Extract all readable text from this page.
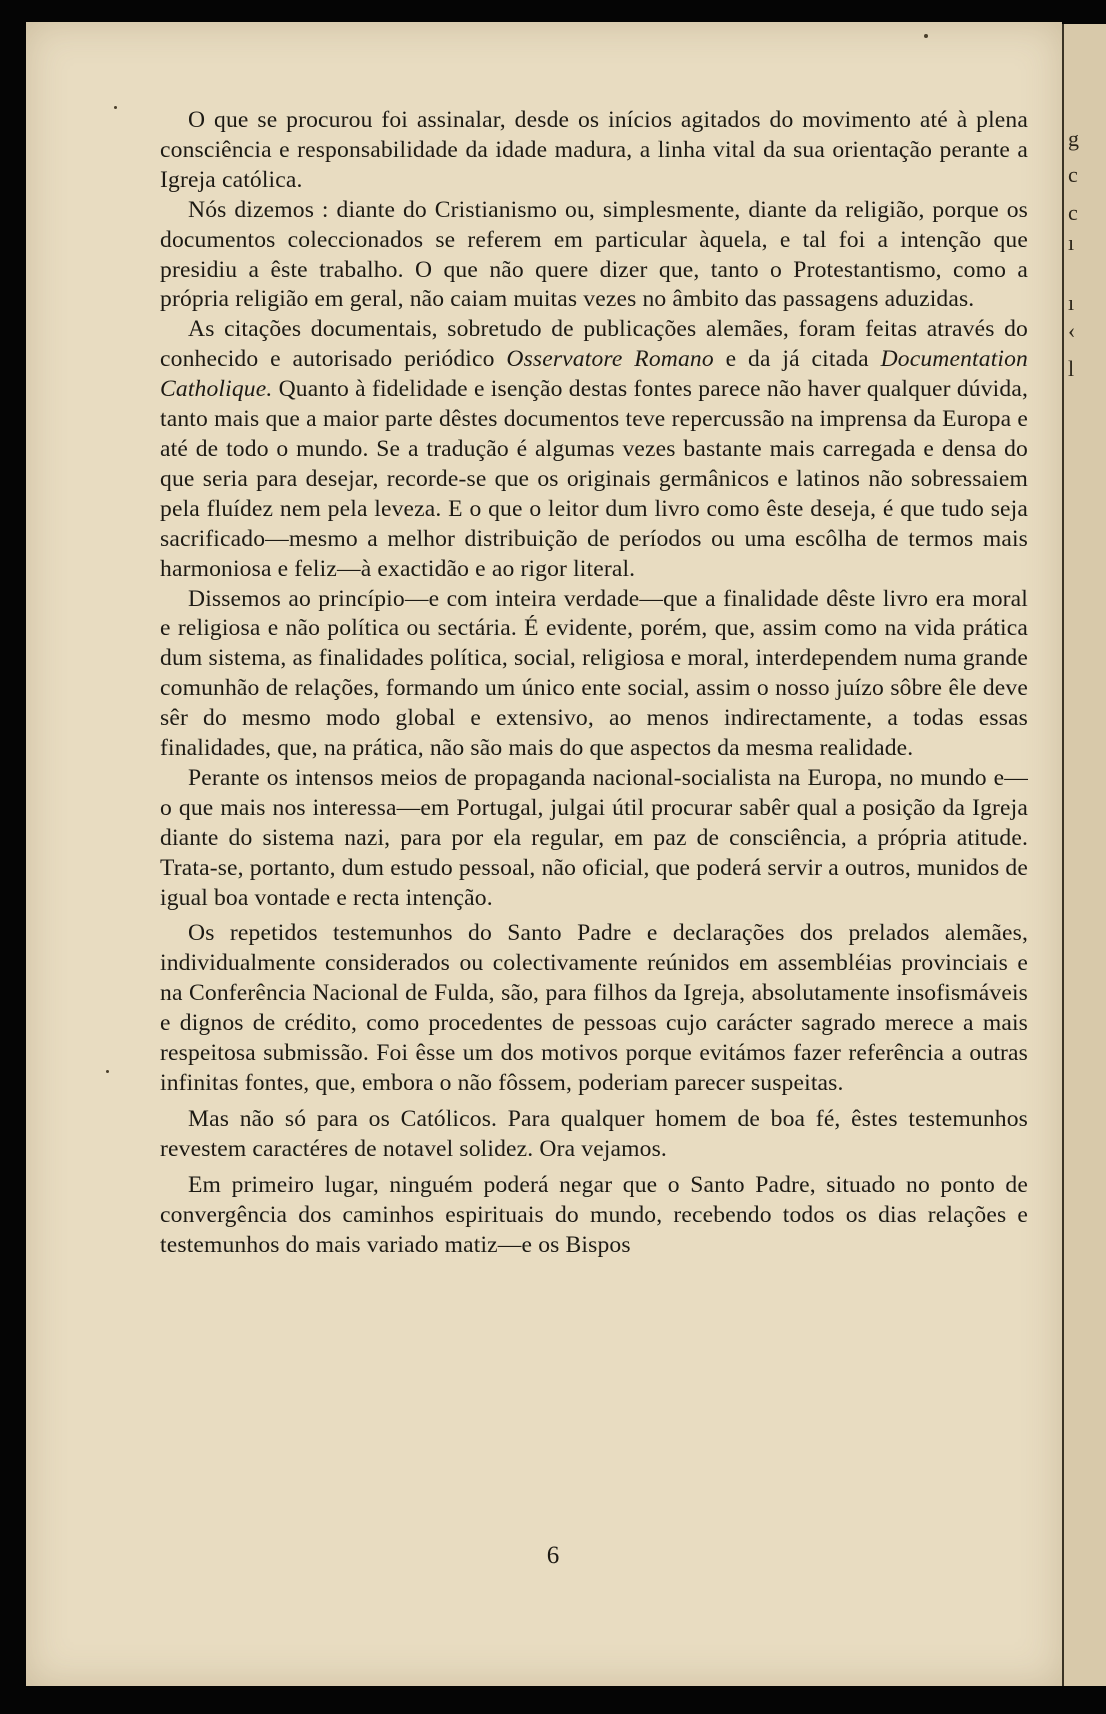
g
c
c
ı
ı
‹
l

O que se procurou foi assinalar, desde os inícios agitados do movimento até à plena consciência e responsabilidade da idade madura, a linha vital da sua orientação perante a Igreja católica.

Nós dizemos : diante do Cristianismo ou, simplesmente, diante da religião, porque os documentos coleccionados se referem em particular àquela, e tal foi a intenção que presidiu a êste trabalho. O que não quere dizer que, tanto o Protestantismo, como a própria religião em geral, não caiam muitas vezes no âmbito das passagens aduzidas.

As citações documentais, sobretudo de publicações alemães, foram feitas através do conhecido e autorisado periódico Osservatore Romano e da já citada Documentation Catholique. Quanto à fidelidade e isenção destas fontes parece não haver qualquer dúvida, tanto mais que a maior parte dêstes documentos teve repercussão na imprensa da Europa e até de todo o mundo. Se a tradução é algumas vezes bastante mais carregada e densa do que seria para desejar, recorde-se que os originais germânicos e latinos não sobressaiem pela fluídez nem pela leveza. E o que o leitor dum livro como êste deseja, é que tudo seja sacrificado—mesmo a melhor distribuição de períodos ou uma escôlha de termos mais harmoniosa e feliz—à exactidão e ao rigor literal.

Dissemos ao princípio—e com inteira verdade—que a finalidade dêste livro era moral e religiosa e não política ou sectária. É evidente, porém, que, assim como na vida prática dum sistema, as finalidades política, social, religiosa e moral, interdependem numa grande comunhão de relações, formando um único ente social, assim o nosso juízo sôbre êle deve sêr do mesmo modo global e extensivo, ao menos indirectamente, a todas essas finalidades, que, na prática, não são mais do que aspectos da mesma realidade.

Perante os intensos meios de propaganda nacional-socialista na Europa, no mundo e—o que mais nos interessa—em Portugal, julgai útil procurar sabêr qual a posição da Igreja diante do sistema nazi, para por ela regular, em paz de consciência, a própria atitude. Trata-se, portanto, dum estudo pessoal, não oficial, que poderá servir a outros, munidos de igual boa vontade e recta intenção.

Os repetidos testemunhos do Santo Padre e declarações dos prelados alemães, individualmente considerados ou colectivamente reúnidos em assembléias provinciais e na Conferência Nacional de Fulda, são, para filhos da Igreja, absolutamente insofismáveis e dignos de crédito, como procedentes de pessoas cujo carácter sagrado merece a mais respeitosa submissão. Foi êsse um dos motivos porque evitámos fazer referência a outras infinitas fontes, que, embora o não fôssem, poderiam parecer suspeitas.

Mas não só para os Católicos. Para qualquer homem de boa fé, êstes testemunhos revestem caractéres de notavel solidez. Ora vejamos.

Em primeiro lugar, ninguém poderá negar que o Santo Padre, situado no ponto de convergência dos caminhos espirituais do mundo, recebendo todos os dias relações e testemunhos do mais variado matiz—e os Bispos

6
